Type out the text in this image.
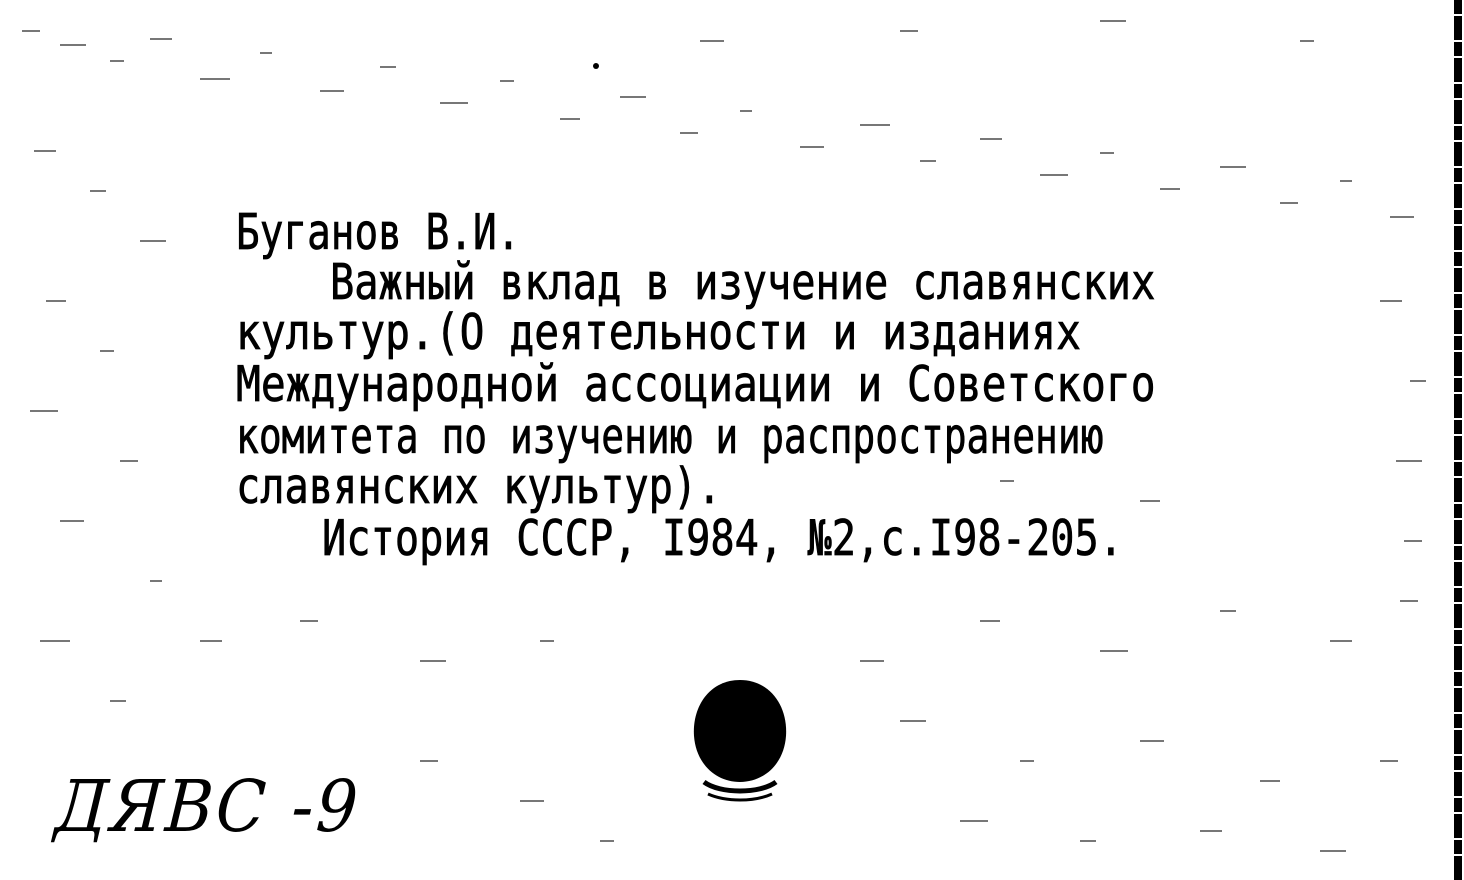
Буганов В.И.

Важный вклад в изучение славянских

культур.(О деятельности и изданиях

Международной ассоциации и Советского

комитета по изучению и распространению

славянских культур).

История СССР, I984, №2,с.I98-205.

ДЯВС -9
